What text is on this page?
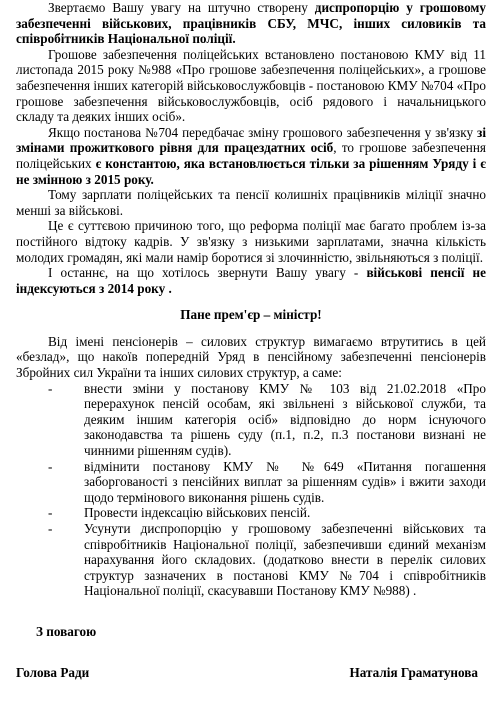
Звертаємо Вашу увагу на штучно створену диспропорцію у грошовому забезпеченні військових, працівників СБУ, МЧС, інших силовиків та співробітників Національної поліції.

Грошове забезпечення поліцейських встановлено постановою КМУ від 11 листопада 2015 року №988 «Про грошове забезпечення поліцейських», а грошове забезпечення інших категорій військовослужбовців - постановою КМУ №704 «Про грошове забезпечення військовослужбовців, осіб рядового і начальницького складу та деяких інших осіб».

Якщо постанова №704 передбачає зміну грошового забезпечення у зв'язку зі змінами прожиткового рівня для працездатних осіб, то грошове забезпечення поліцейських є константою, яка встановлюється тільки за рішенням Уряду і є не змінною з 2015 року.

Тому зарплати поліцейських та пенсії колишніх працівників міліції значно менші за військові.

Це є суттєвою причиною того, що реформа поліції має багато проблем із-за постійного відтоку кадрів. У зв'язку з низькими зарплатами, значна кількість молодих громадян, які мали намір боротися зі злочинністю, звільняються з поліції.

І останнє, на що хотілось звернути Вашу увагу - військові пенсії не індексуються з 2014 року .

Пане прем'єр – міністр!

Від імені пенсіонерів – силових структур вимагаємо втрутитись в цей «безлад», що накоїв попередній Уряд в пенсійному забезпеченні пенсіонерів Збройних сил України та інших силових структур, а саме:

- внести зміни у постанову КМУ № 103 від 21.02.2018 «Про перерахунок пенсій особам, які звільнені з військової служби, та деяким іншим категорія осіб» відповідно до норм існуючого законодавства та рішень суду (п.1, п.2, п.3 постанови визнані не чинними рішенням судів).
- відмінити постанову КМУ № №649 «Питання погашення заборгованості з пенсійних виплат за рішенням судів» і вжити заходи щодо термінового виконання рішень судів.
- Провести індексацію військових пенсій.
- Усунути диспропорцію у грошовому забезпеченні військових та співробітників Національної поліції, забезпечивши єдиний механізм нарахування його складових. (додатково внести в перелік силових структур зазначених в постанові КМУ №704 і співробітників Національної поліції, скасувавши Постанову КМУ №988) .

З повагою

Голова Ради	Наталія Граматунова
